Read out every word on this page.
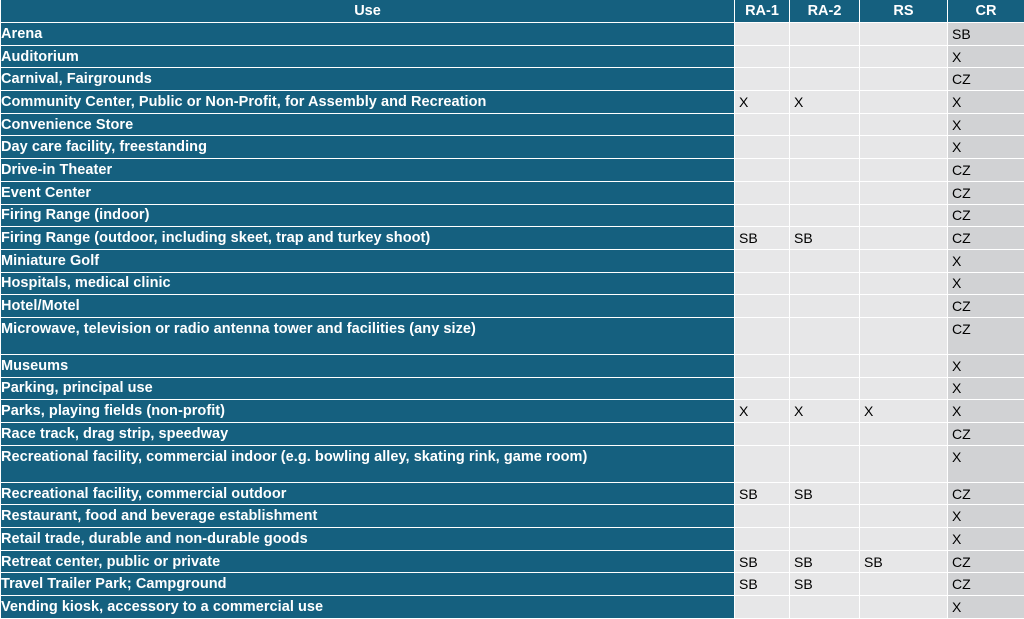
Use	RA-1	RA-2	RS	CR
Arena				SB
Auditorium				X
Carnival, Fairgrounds				CZ
Community Center, Public or Non-Profit, for Assembly and Recreation	X	X		X
Convenience Store				X
Day care facility, freestanding				X
Drive-in Theater				CZ
Event Center				CZ
Firing Range (indoor)				CZ
Firing Range (outdoor, including skeet, trap and turkey shoot)	SB	SB		CZ
Miniature Golf				X
Hospitals, medical clinic				X
Hotel/Motel				CZ
Microwave, television or radio antenna tower and facilities (any size)				CZ
Museums				X
Parking, principal use				X
Parks, playing fields (non-profit)	X	X	X	X
Race track, drag strip, speedway				CZ
Recreational facility, commercial indoor (e.g. bowling alley, skating rink, game room)				X
Recreational facility, commercial outdoor	SB	SB		CZ
Restaurant, food and beverage establishment				X
Retail trade, durable and non-durable goods				X
Retreat center, public or private	SB	SB	SB	CZ
Travel Trailer Park; Campground	SB	SB		CZ
Vending kiosk, accessory to a commercial use				X
